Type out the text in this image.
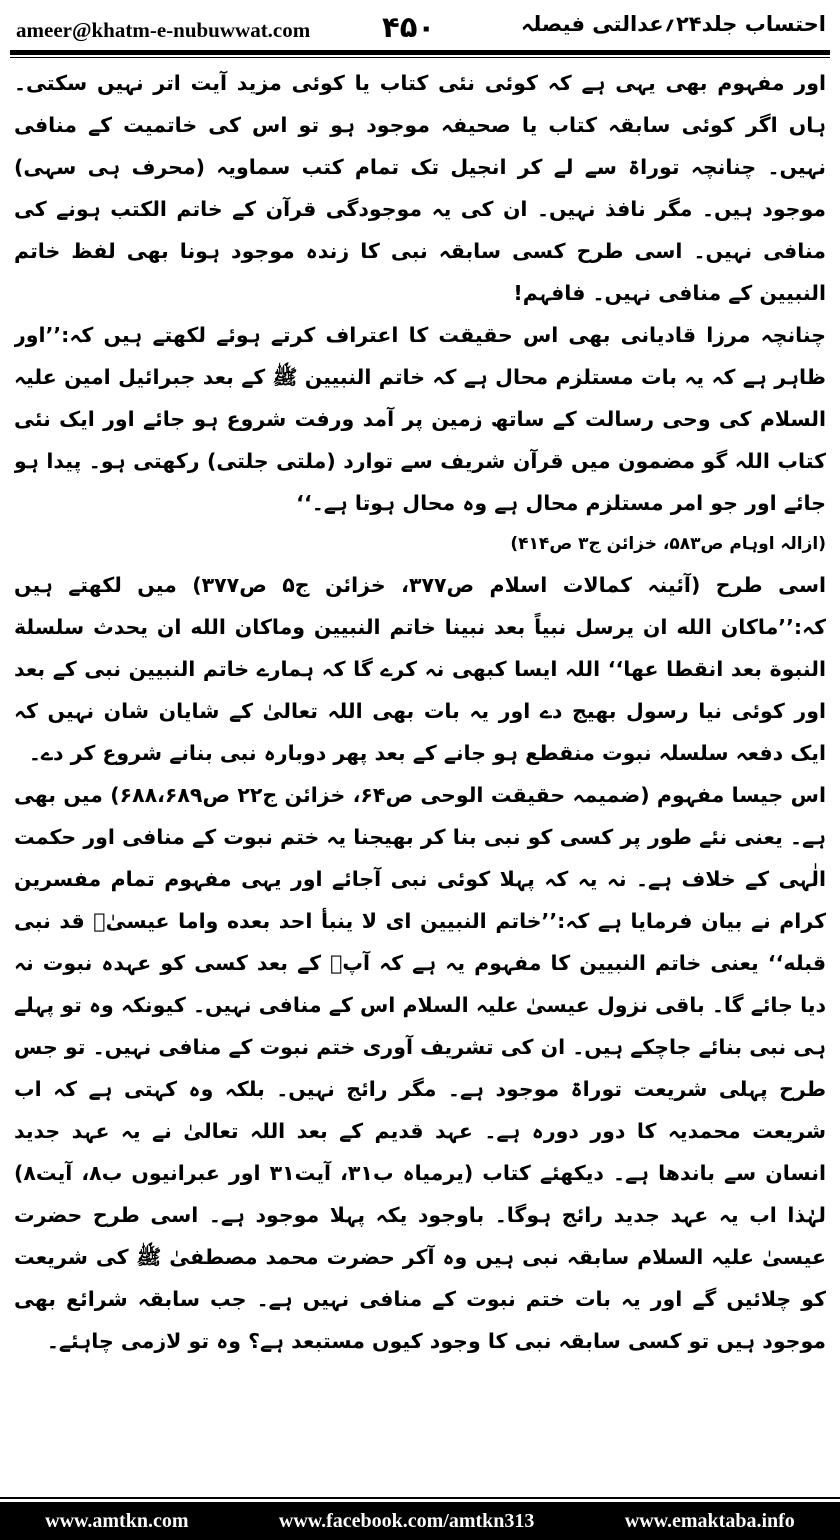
ameer@khatm-e-nubuwwat.com ۴۵۰	احتساب جلد۲۴؍عدالتی فیصلہ

اور مفہوم بھی یہی ہے کہ کوئی نئی کتاب یا کوئی مزید آیت اتر نہیں سکتی۔ ہاں اگر کوئی سابقہ کتاب یا صحیفہ موجود ہو تو اس کی خاتمیت کے منافی نہیں۔ چنانچہ توراۃ سے لے کر انجیل تک تمام کتب سماویہ (محرف ہی سہی) موجود ہیں۔ مگر نافذ نہیں۔ ان کی یہ موجودگی قرآن کے خاتم الکتب ہونے کی منافی نہیں۔ اسی طرح کسی سابقہ نبی کا زندہ موجود ہونا بھی لفظ خاتم النبیین کے منافی نہیں۔ فافہم!

چنانچہ مرزا قادیانی بھی اس حقیقت کا اعتراف کرتے ہوئے لکھتے ہیں کہ:’’اور ظاہر ہے کہ یہ بات مستلزم محال ہے کہ خاتم النبیین ﷺ کے بعد جبرائیل امین علیہ السلام کی وحی رسالت کے ساتھ زمین پر آمد ورفت شروع ہو جائے اور ایک نئی کتاب اللہ گو مضمون میں قرآن شریف سے توارد (ملتی جلتی) رکھتی ہو۔ پیدا ہو جائے اور جو امر مستلزم محال ہے وہ محال ہوتا ہے۔‘‘

(ازالہ اوہام ص۵۸۳، خزائن ج۳ ص۴۱۴)

اسی طرح (آئینہ کمالات اسلام ص۳۷۷، خزائن ج۵ ص۳۷۷) میں لکھتے ہیں کہ:’’ماکان الله ان یرسل نبیاً بعد نبینا خاتم النبیین وماکان الله ان یحدث سلسلة النبوة بعد انقطا عها‘‘ اللہ ایسا کبھی نہ کرے گا کہ ہمارے خاتم النبیین نبی کے بعد اور کوئی نیا رسول بھیج دے اور یہ بات بھی اللہ تعالیٰ کے شایان شان نہیں کہ ایک دفعہ سلسلہ نبوت منقطع ہو جانے کے بعد پھر دوبارہ نبی بنانے شروع کر دے۔

اس جیسا مفہوم (ضمیمہ حقیقت الوحی ص۶۴، خزائن ج۲۲ ص۶۸۸،۶۸۹) میں بھی ہے۔ یعنی نئے طور پر کسی کو نبی بنا کر بھیجنا یہ ختم نبوت کے منافی اور حکمت الٰہی کے خلاف ہے۔ نہ یہ کہ پہلا کوئی نبی آجائے اور یہی مفہوم تمام مفسرین کرام نے بیان فرمایا ہے کہ:’’خاتم النبیین ای لا ینبأ احد بعده واما عیسیٰؑ قد نبی قبله‘‘ یعنی خاتم النبیین کا مفہوم یہ ہے کہ آپؐ کے بعد کسی کو عہدہ نبوت نہ دیا جائے گا۔ باقی نزول عیسیٰ علیہ السلام اس کے منافی نہیں۔ کیونکہ وہ تو پہلے ہی نبی بنائے جاچکے ہیں۔ ان کی تشریف آوری ختم نبوت کے منافی نہیں۔ تو جس طرح پہلی شریعت توراۃ موجود ہے۔ مگر رائج نہیں۔ بلکہ وہ کہتی ہے کہ اب شریعت محمدیہ کا دور دورہ ہے۔ عہد قدیم کے بعد اللہ تعالیٰ نے یہ عہد جدید انسان سے باندھا ہے۔ دیکھئے کتاب (یرمیاہ ب۳۱، آیت۳۱ اور عبرانیوں ب۸، آیت۸) لہٰذا اب یہ عہد جدید رائج ہوگا۔ باوجود یکہ پہلا موجود ہے۔ اسی طرح حضرت عیسیٰ علیہ السلام سابقہ نبی ہیں وہ آکر حضرت محمد مصطفیٰ ﷺ کی شریعت کو چلائیں گے اور یہ بات ختم نبوت کے منافی نہیں ہے۔ جب سابقہ شرائع بھی موجود ہیں تو کسی سابقہ نبی کا وجود کیوں مستبعد ہے؟ وہ تو لازمی چاہئے۔

www.amtkn.com	www.facebook.com/amtkn313	www.emaktaba.info
